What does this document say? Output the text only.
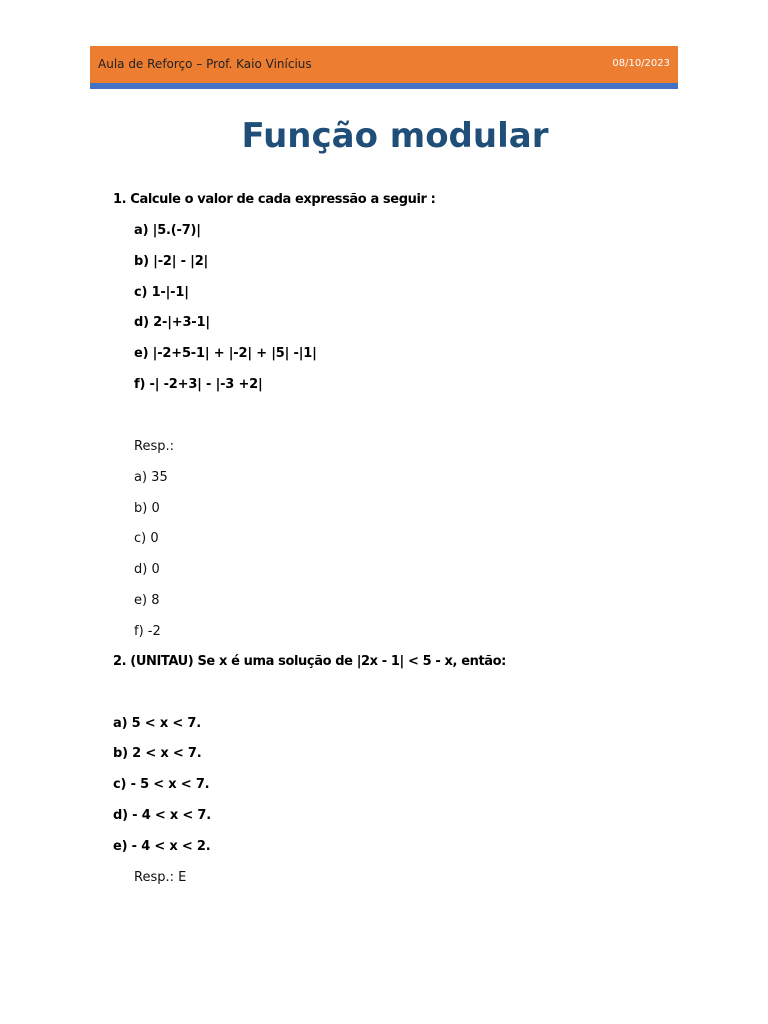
Aula de Reforço – Prof. Kaio Vinícius	08/10/2023
Função modular
1. Calcule o valor de cada expressão a seguir :
a) |5.(-7)|
b) |-2| - |2|
c) 1-|-1|
d) 2-|+3-1|
e) |-2+5-1| + |-2| + |5| -|1|
f) -| -2+3| - |-3 +2|
Resp.:
a) 35
b) 0
c) 0
d) 0
e) 8
f) -2
2. (UNITAU) Se x é uma solução de |2x - 1| < 5 - x, então:
a) 5 < x < 7.
b) 2 < x < 7.
c) - 5 < x < 7.
d) - 4 < x < 7.
e) - 4 < x < 2.
Resp.: E
